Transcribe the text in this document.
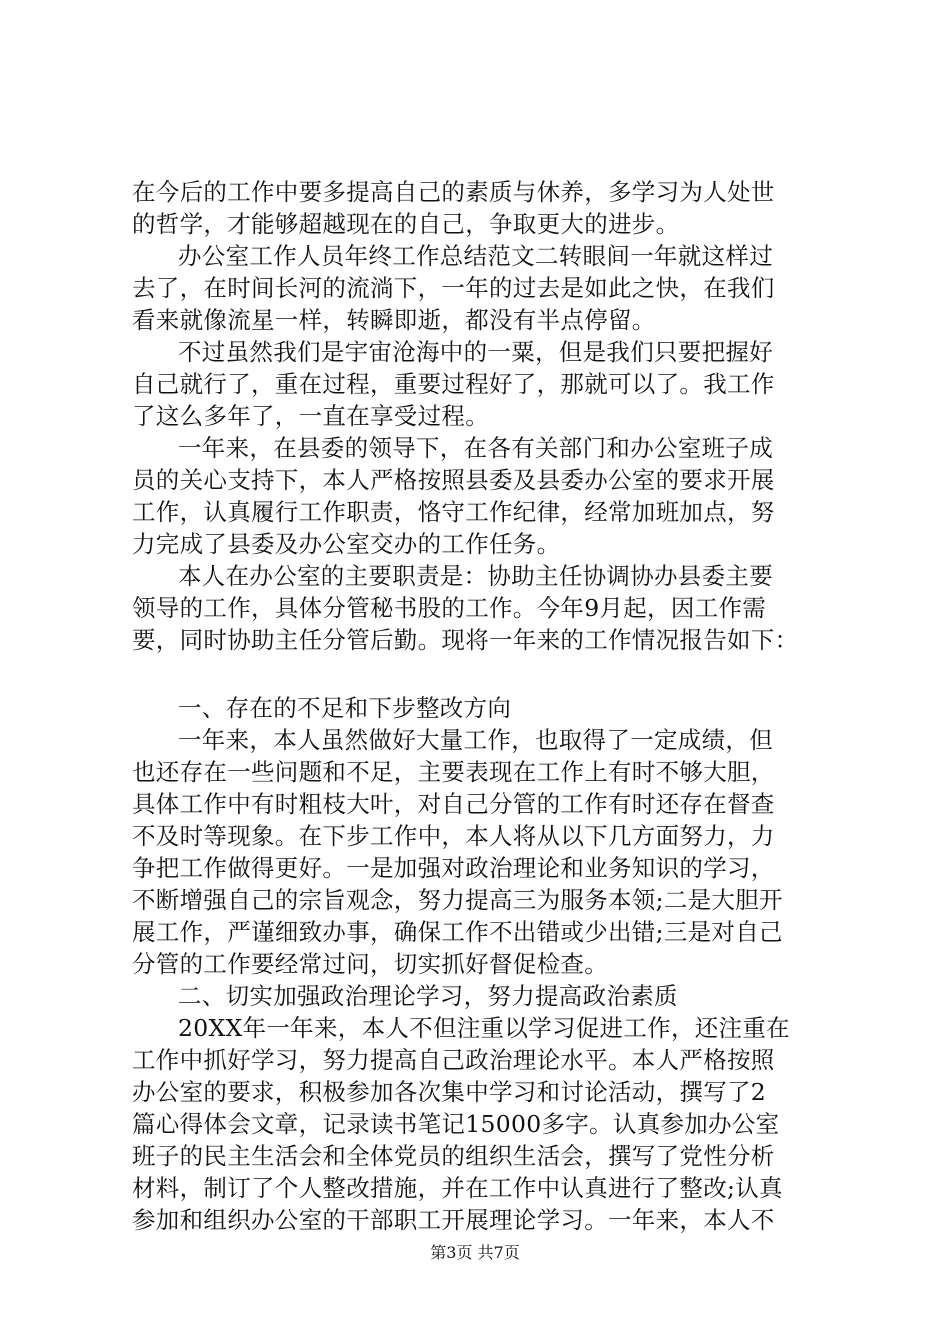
在今后的工作中要多提高自己的素质与休养，多学习为人处世
的哲学，才能够超越现在的自己，争取更大的进步。
办公室工作人员年终工作总结范文二转眼间一年就这样过
去了，在时间长河的流淌下，一年的过去是如此之快，在我们
看来就像流星一样，转瞬即逝，都没有半点停留。
不过虽然我们是宇宙沧海中的一粟，但是我们只要把握好
自己就行了，重在过程，重要过程好了，那就可以了。我工作
了这么多年了，一直在享受过程。
一年来，在县委的领导下，在各有关部门和办公室班子成
员的关心支持下，本人严格按照县委及县委办公室的要求开展
工作，认真履行工作职责，恪守工作纪律，经常加班加点，努
力完成了县委及办公室交办的工作任务。
本人在办公室的主要职责是：协助主任协调协办县委主要
领导的工作，具体分管秘书股的工作。今年9月起，因工作需
要，同时协助主任分管后勤。现将一年来的工作情况报告如下：
一、存在的不足和下步整改方向
一年来，本人虽然做好大量工作，也取得了一定成绩，但
也还存在一些问题和不足，主要表现在工作上有时不够大胆，
具体工作中有时粗枝大叶，对自己分管的工作有时还存在督查
不及时等现象。在下步工作中，本人将从以下几方面努力，力
争把工作做得更好。一是加强对政治理论和业务知识的学习，
不断增强自己的宗旨观念，努力提高三为服务本领;二是大胆开
展工作，严谨细致办事，确保工作不出错或少出错;三是对自己
分管的工作要经常过问，切实抓好督促检查。
二、切实加强政治理论学习，努力提高政治素质
20XX年一年来，本人不但注重以学习促进工作，还注重在
工作中抓好学习，努力提高自己政治理论水平。本人严格按照
办公室的要求，积极参加各次集中学习和讨论活动，撰写了2
篇心得体会文章，记录读书笔记15000多字。认真参加办公室
班子的民主生活会和全体党员的组织生活会，撰写了党性分析
材料，制订了个人整改措施，并在工作中认真进行了整改;认真
参加和组织办公室的干部职工开展理论学习。一年来，本人不
第3页 共7页
